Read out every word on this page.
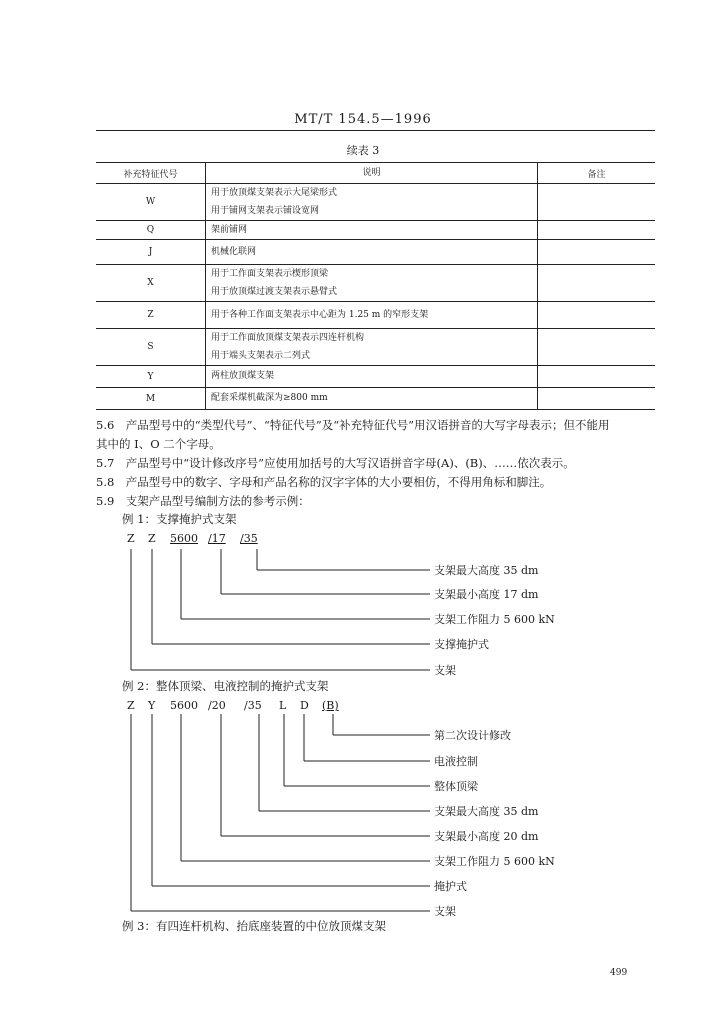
MT/T 154.5—1996
续表 3
补充特征代号	说明	备注
W	用于放顶煤支架表示大尾梁形式
用于铺网支架表示铺设宽网	

Q	架前铺网	

J	机械化联网	

X	用于工作面支架表示楔形顶梁
用于放顶煤过渡支架表示悬臂式	

Z	用于各种工作面支架表示中心距为 1.25 m 的窄形支架	

S	用于工作面放顶煤支架表示四连杆机构
用于端头支架表示二列式	

Y	两柱放顶煤支架	

M	配套采煤机截深为≥800 mm	

5.6　产品型号中的“类型代号”、“特征代号”及“补充特征代号”用汉语拼音的大写字母表示；但不能用
其中的 I、O 二个字母。
5.7　产品型号中“设计修改序号”应使用加括号的大写汉语拼音字母(A)、(B)、……依次表示。
5.8　产品型号中的数字、字母和产品名称的汉字字体的大小要相仿，不得用角标和脚注。
5.9　支架产品型号编制方法的参考示例：
例 1：支撑掩护式支架
Z Z 5600 /17 /35
支架最大高度 35 dm
支架最小高度 17 dm
支架工作阻力 5 600 kN
支撑掩护式
支架
例 2：整体顶梁、电液控制的掩护式支架
Z Y 5600 /20 /35 L D (B)
第二次设计修改
电液控制
整体顶梁
支架最大高度 35 dm
支架最小高度 20 dm
支架工作阻力 5 600 kN
掩护式
支架
例 3：有四连杆机构、抬底座装置的中位放顶煤支架
499
